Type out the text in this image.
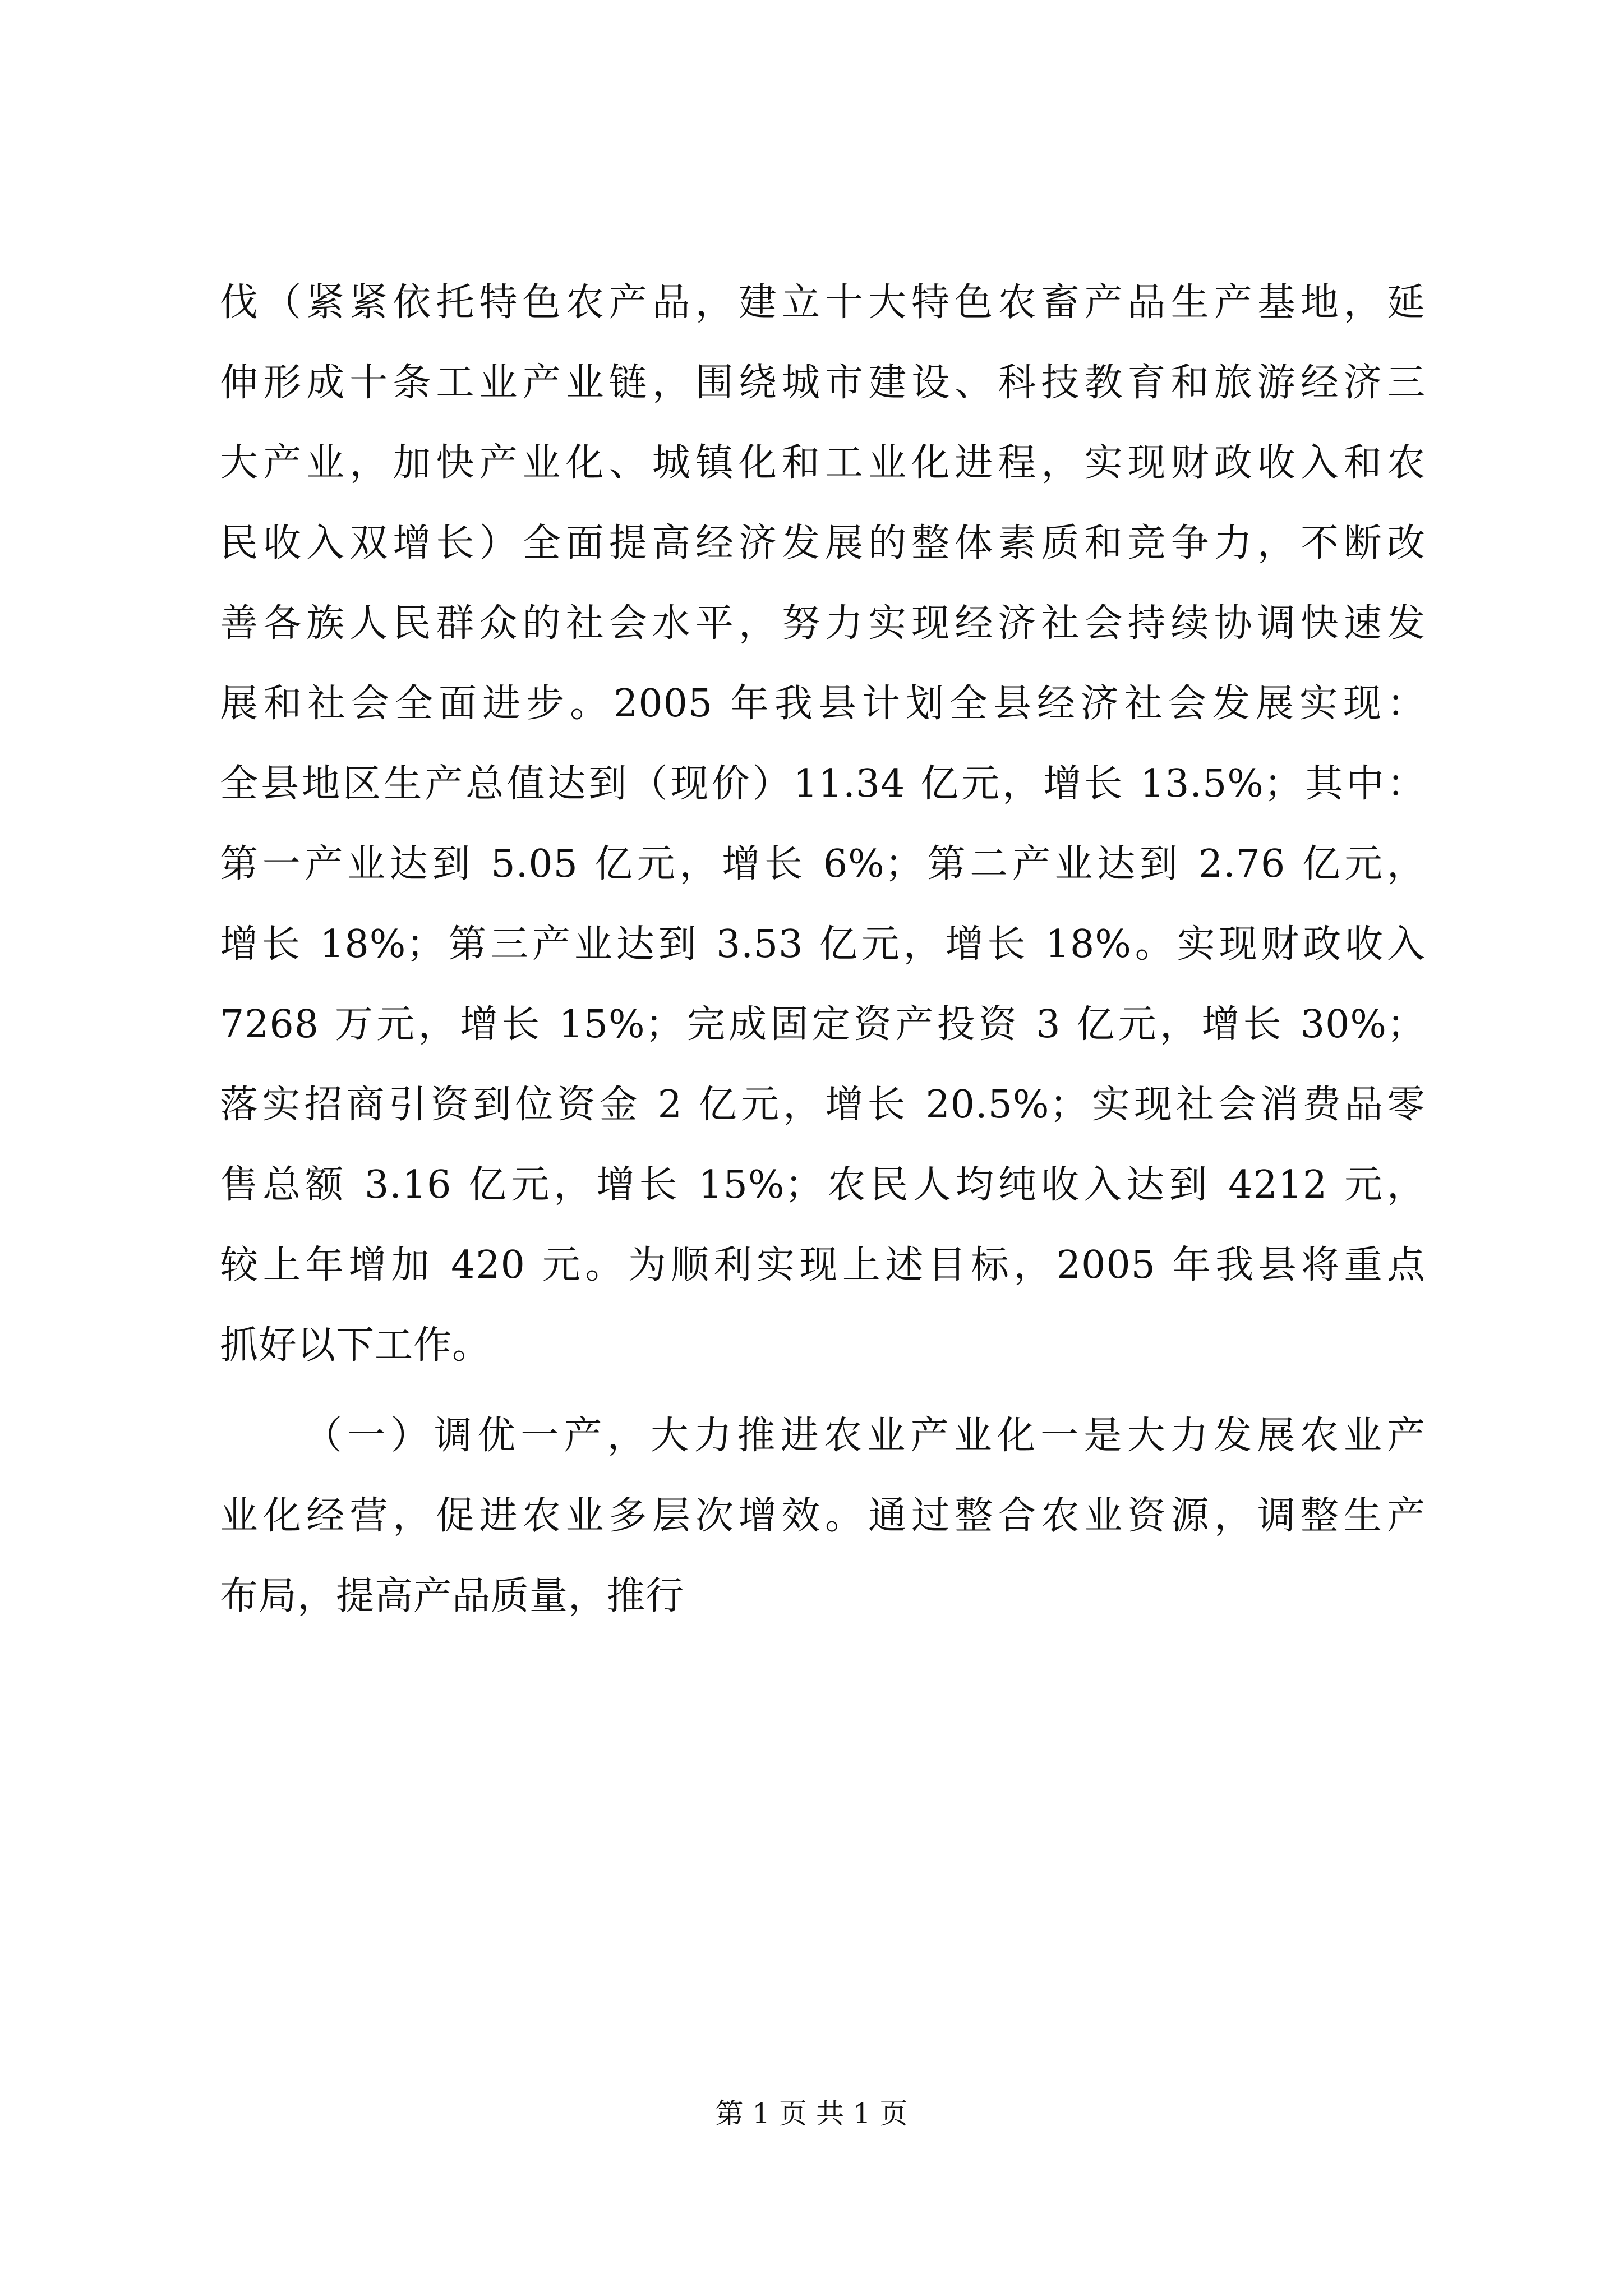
伐（紧紧依托特色农产品，建立十大特色农畜产品生产基地，延
伸形成十条工业产业链，围绕城市建设、科技教育和旅游经济三
大产业，加快产业化、城镇化和工业化进程，实现财政收入和农
民收入双增长）全面提高经济发展的整体素质和竞争力，不断改
善各族人民群众的社会水平，努力实现经济社会持续协调快速发
展和社会全面进步。2005 年我县计划全县经济社会发展实现：
全县地区生产总值达到（现价）11.34 亿元，增长 13.5%；其中：
第一产业达到 5.05 亿元，增长 6%；第二产业达到 2.76 亿元，
增长 18%；第三产业达到 3.53 亿元，增长 18%。实现财政收入
7268 万元，增长 15%；完成固定资产投资 3 亿元，增长 30%；
落实招商引资到位资金 2 亿元，增长 20.5%；实现社会消费品零
售总额 3.16 亿元，增长 15%；农民人均纯收入达到 4212 元，
较上年增加 420 元。为顺利实现上述目标，2005 年我县将重点
抓好以下工作。
（一）调优一产，大力推进农业产业化一是大力发展农业产
业化经营，促进农业多层次增效。通过整合农业资源，调整生产
布局，提高产品质量，推行
第 1 页 共 1 页
